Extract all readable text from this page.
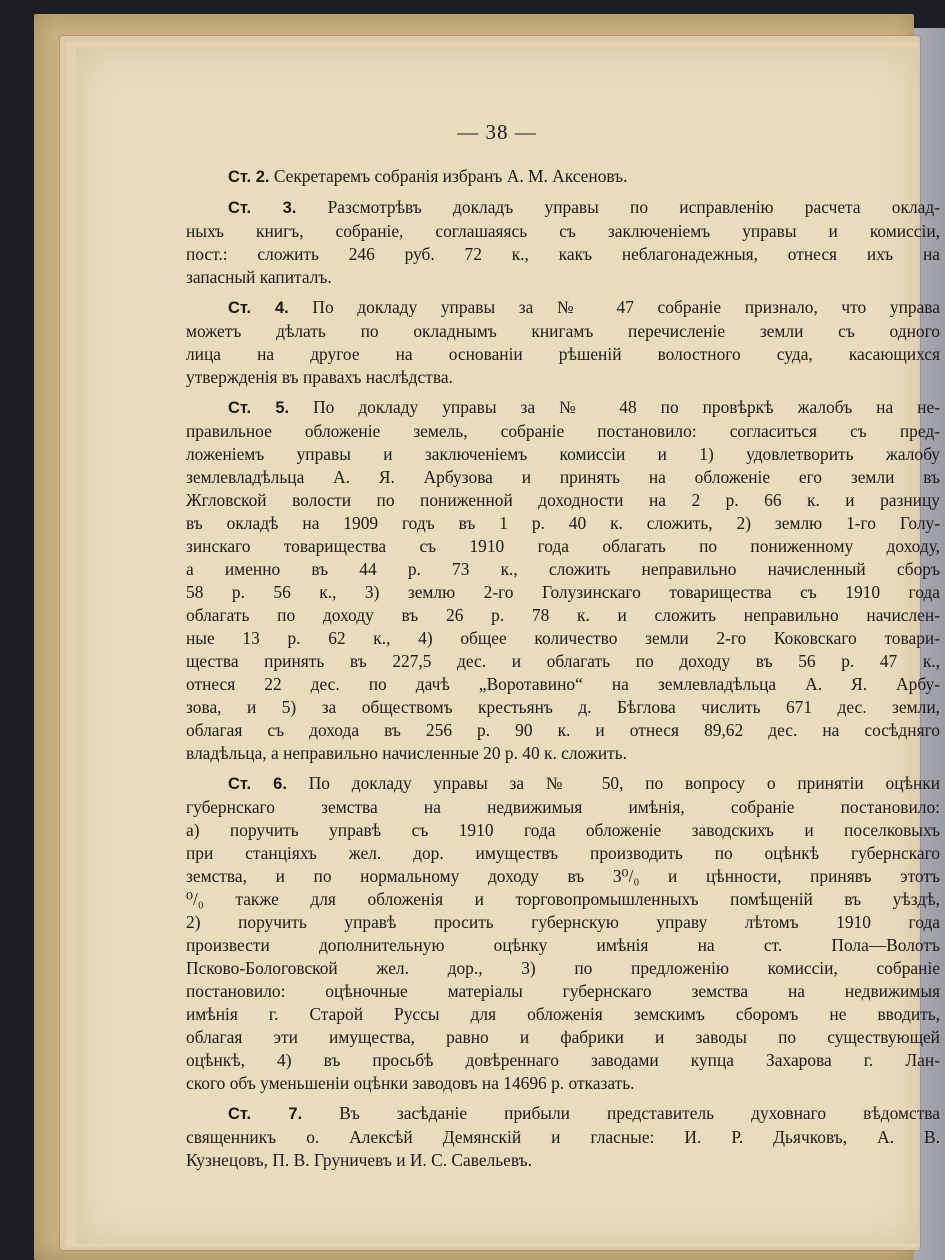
— 38 —

Ст. 2. Секретаремъ собранія избранъ А. М. Аксеновъ.

Ст. 3. Разсмотрѣвъ докладъ управы по исправленію расчета оклад-
ныхъ книгъ, собраніе, соглашаяясь съ заключеніемъ управы и комиссіи,
пост.: сложить 246 руб. 72 к., какъ неблагонадежныя, отнеся ихъ на
запасный капиталъ.

Ст. 4. По докладу управы за № 47 собраніе признало, что управа
можетъ дѣлать по окладнымъ книгамъ перечисленіе земли съ одного
лица на другое на основаніи рѣшеній волостного суда, касающихся
утвержденія въ правахъ наслѣдства.

Ст. 5. По докладу управы за № 48 по провѣркѣ жалобъ на не-
правильное обложеніе земель, собраніе постановило: согласиться съ пред-
ложеніемъ управы и заключеніемъ комиссіи и 1) удовлетворить жалобу
землевладѣльца А. Я. Арбузова и принять на обложеніе его земли въ
Жгловской волости по пониженной доходности на 2 р. 66 к. и разницу
въ окладѣ на 1909 годъ въ 1 р. 40 к. сложить, 2) землю 1-го Голу-
зинскаго товарищества съ 1910 года облагать по пониженному доходу,
а именно въ 44 р. 73 к., сложить неправильно начисленный сборъ
58 р. 56 к., 3) землю 2-го Голузинскаго товарищества съ 1910 года
облагать по доходу въ 26 р. 78 к. и сложить неправильно начислен-
ные 13 р. 62 к., 4) общее количество земли 2-го Коковскаго товари-
щества принять въ 227,5 дес. и облагать по доходу въ 56 р. 47 к.,
отнеся 22 дес. по дачѣ „Воротавино“ на землевладѣльца А. Я. Арбу-
зова, и 5) за обществомъ крестьянъ д. Бѣглова числить 671 дес. земли,
облагая съ дохода въ 256 р. 90 к. и отнеся 89,62 дес. на сосѣдняго
владѣльца, а неправильно начисленные 20 р. 40 к. сложить.

Ст. 6. По докладу управы за № 50, по вопросу о принятіи оцѣнки
губернскаго земства на недвижимыя имѣнія, собраніе постановило:
а) поручить управѣ съ 1910 года обложеніе заводскихъ и поселковыхъ
при станціяхъ жел. дор. имуществъ производить по оцѣнкѣ губернскаго
земства, и по нормальному доходу въ 3⁰/₀ и цѣнности, принявъ этотъ
⁰/₀ также для обложенія и торговопромышленныхъ помѣщеній въ уѣздѣ,
2) поручить управѣ просить губернскую управу лѣтомъ 1910 года
произвести дополнительную оцѣнку имѣнія на ст. Пола—Волотъ
Псково-Бологовской жел. дор., 3) по предложенію комиссіи, собраніе
постановило: оцѣночные матеріалы губернскаго земства на недвижимыя
имѣнія г. Старой Руссы для обложенія земскимъ сборомъ не вводить,
облагая эти имущества, равно и фабрики и заводы по существующей
оцѣнкѣ, 4) въ просьбѣ довѣреннаго заводами купца Захарова г. Лан-
ского объ уменьшеніи оцѣнки заводовъ на 14696 р. отказать.

Ст. 7. Въ засѣданіе прибыли представитель духовнаго вѣдомства
священникъ о. Алексѣй Демянскій и гласные: И. Р. Дьячковъ, А. В.
Кузнецовъ, П. В. Груничевъ и И. С. Савельевъ.
